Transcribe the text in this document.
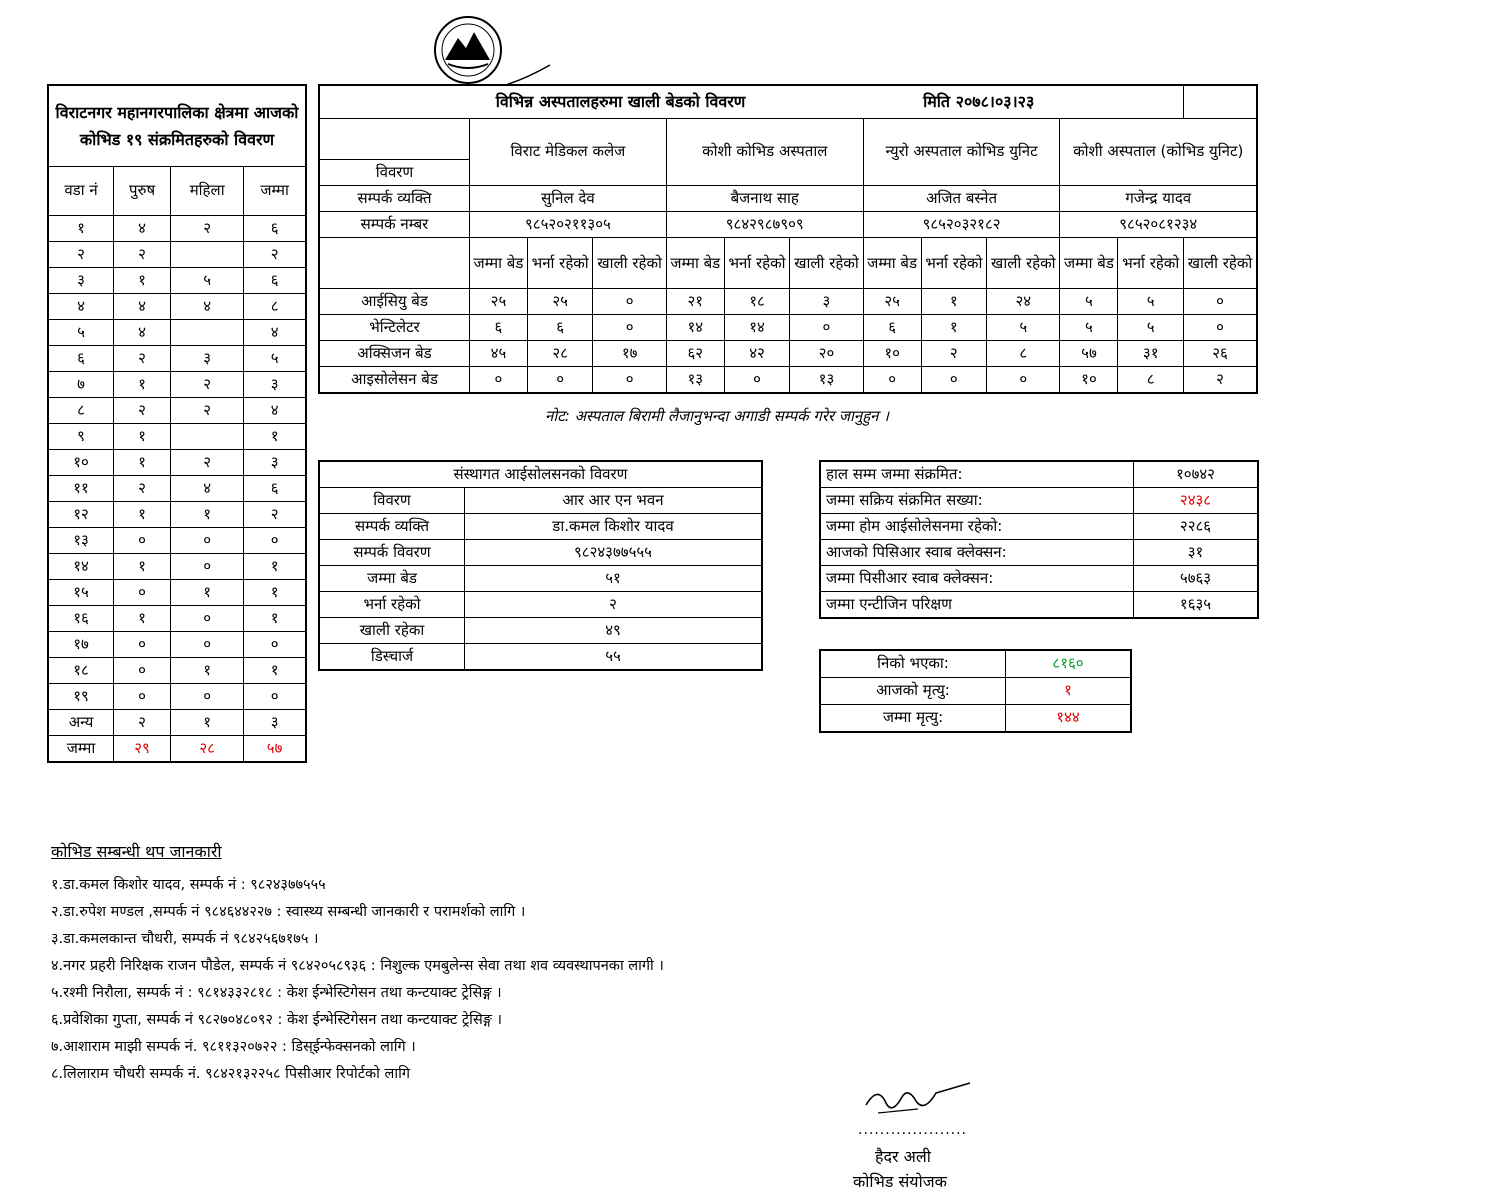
विराटनगर महानगरपालिका क्षेत्रमा आजको कोभिड १९ संक्रमितहरुको विवरण			
वडा नं	पुरुष	महिला	जम्मा
१	४	२	६
२	२		२
३	१	५	६
४	४	४	८
५	४		४
६	२	३	५
७	१	२	३
८	२	२	४
९	१		१
१०	१	२	३
११	२	४	६
१२	१	१	२
१३	०	०	०
१४	१	०	१
१५	०	१	१
१६	१	०	१
१७	०	०	०
१८	०	१	१
१९	०	०	०
अन्य	२	१	३
जम्मा	२९	२८	५७
विभिन्न अस्पतालहरुमा खाली बेडको विवरण								मिति २०७८।०३।२३				
	विराट मेडिकल कलेज			कोशी कोभिड अस्पताल			न्युरो अस्पताल कोभिड युनिट			कोशी अस्पताल (कोभिड युनिट)		
विवरण												
सम्पर्क व्यक्ति	सुनिल देव			बैजनाथ साह			अजित बस्नेत			गजेन्द्र यादव		
सम्पर्क नम्बर	९८५२०२११३०५			९८४२९८७९०९			९८५२०३२१८२			९८५२०८१२३४		
	जम्मा बेड	भर्ना रहेको	खाली रहेको	जम्मा बेड	भर्ना रहेको	खाली रहेको	जम्मा बेड	भर्ना रहेको	खाली रहेको	जम्मा बेड	भर्ना रहेको	खाली रहेको
आईसियु बेड	२५	२५	०	२१	१८	३	२५	१	२४	५	५	०
भेन्टिलेटर	६	६	०	१४	१४	०	६	१	५	५	५	०
अक्सिजन बेड	४५	२८	१७	६२	४२	२०	१०	२	८	५७	३१	२६
आइसोलेसन बेड	०	०	०	१३	०	१३	०	०	०	१०	८	२
नोट: अस्पताल बिरामी लैजानुभन्दा अगाडी सम्पर्क गरेर जानुहुन ।
संस्थागत आईसोलसनको विवरण	
विवरण	आर आर एन भवन
सम्पर्क व्यक्ति	डा.कमल किशोर यादव
सम्पर्क विवरण	९८२४३७७५५५
जम्मा बेड	५१
भर्ना रहेको	२
खाली रहेका	४९
डिस्चार्ज	५५
हाल सम्म जम्मा संक्रमित:	१०७४२
जम्मा सक्रिय संक्रमित सख्या:	२४३८
जम्मा होम आईसोलेसनमा रहेको:	२२८६
आजको पिसिआर स्वाब क्लेक्सन:	३१
जम्मा पिसीआर स्वाब क्लेक्सन:	५७६३
जम्मा एन्टीजिन परिक्षण	१६३५
निको भएका:	८१६०
आजको मृत्यु:	१
जम्मा मृत्यु:	१४४
कोभिड सम्बन्धी थप जानकारी
१.डा.कमल किशोर यादव, सम्पर्क नं : ९८२४३७७५५५
२.डा.रुपेश मण्डल ,सम्पर्क नं ९८४६४४२२७ : स्वास्थ्य सम्बन्धी जानकारी र परामर्शको लागि ।
३.डा.कमलकान्त चौधरी, सम्पर्क नं ९८४२५६७१७५ ।
४.नगर प्रहरी निरिक्षक राजन पौडेल, सम्पर्क नं ९८४२०५८९३६ : निशुल्क एमबुलेन्स सेवा तथा शव व्यवस्थापनका लागी ।
५.रश्मी निरौला, सम्पर्क नं : ९८१४३३२८१८ : केश ईन्भेस्टिगेसन तथा कन्टयाक्ट ट्रेसिङ्ग ।
६.प्रवेशिका गुप्ता, सम्पर्क नं ९८२७०४८०९२ : केश ईन्भेस्टिगेसन तथा कन्टयाक्ट ट्रेसिङ्ग ।
७.आशाराम माझी सम्पर्क नं. ९८११३२०७२२ : डिस्ईन्फेक्सनको लागि ।
८.लिलाराम चौधरी सम्पर्क नं. ९८४२१३२२५८ पिसीआर रिपोर्टको लागि
....................
हैदर अली
कोभिड संयोजक
